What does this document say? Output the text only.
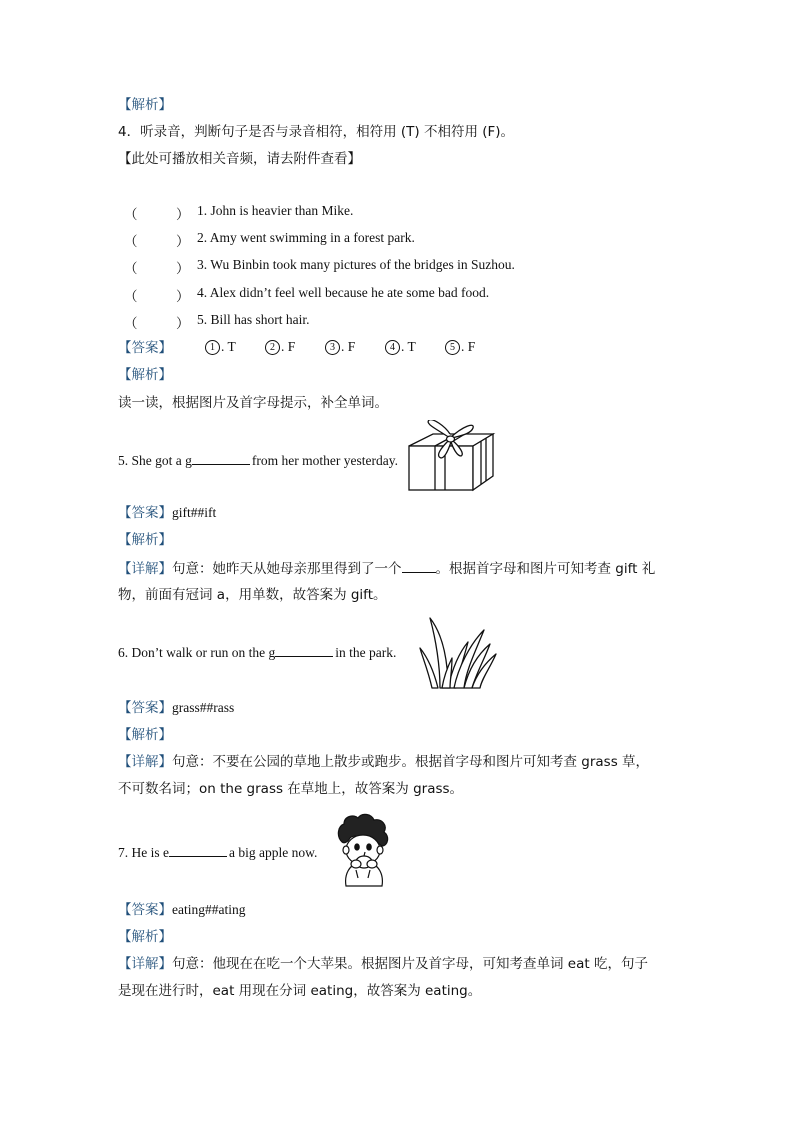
【解析】
4．听录音，判断句子是否与录音相符，相符用 (T) 不相符用 (F)。
【此处可播放相关音频，请去附件查看】
（	） 1. John is heavier than Mike.
（	） 2. Amy went swimming in a forest park.
（	） 3. Wu Binbin took many pictures of the bridges in Suzhou.
（	） 4. Alex didn’t feel well because he ate some bad food.
（	） 5. Bill has short hair.
【答案】	1 . T	2 . F	3 . F	4 . T	5 . F
【解析】
读一读，根据图片及首字母提示，补全单词。
5. She got a g	from her mother yesterday.
【答案】gift##ift
【解析】
【详解】句意：她昨天从她母亲那里得到了一个	。根据首字母和图片可知考查 gift 礼
物，前面有冠词 a，用单数，故答案为 gift。
6. Don’t walk or run on the g	in the park.
【答案】grass##rass
【解析】
【详解】句意：不要在公园的草地上散步或跑步。根据首字母和图片可知考查 grass 草，
不可数名词；on the grass 在草地上，故答案为 grass。
7. He is e	a big apple now.
【答案】eating##ating
【解析】
【详解】句意：他现在在吃一个大苹果。根据图片及首字母，可知考查单词 eat 吃，句子
是现在进行时，eat 用现在分词 eating，故答案为 eating。
